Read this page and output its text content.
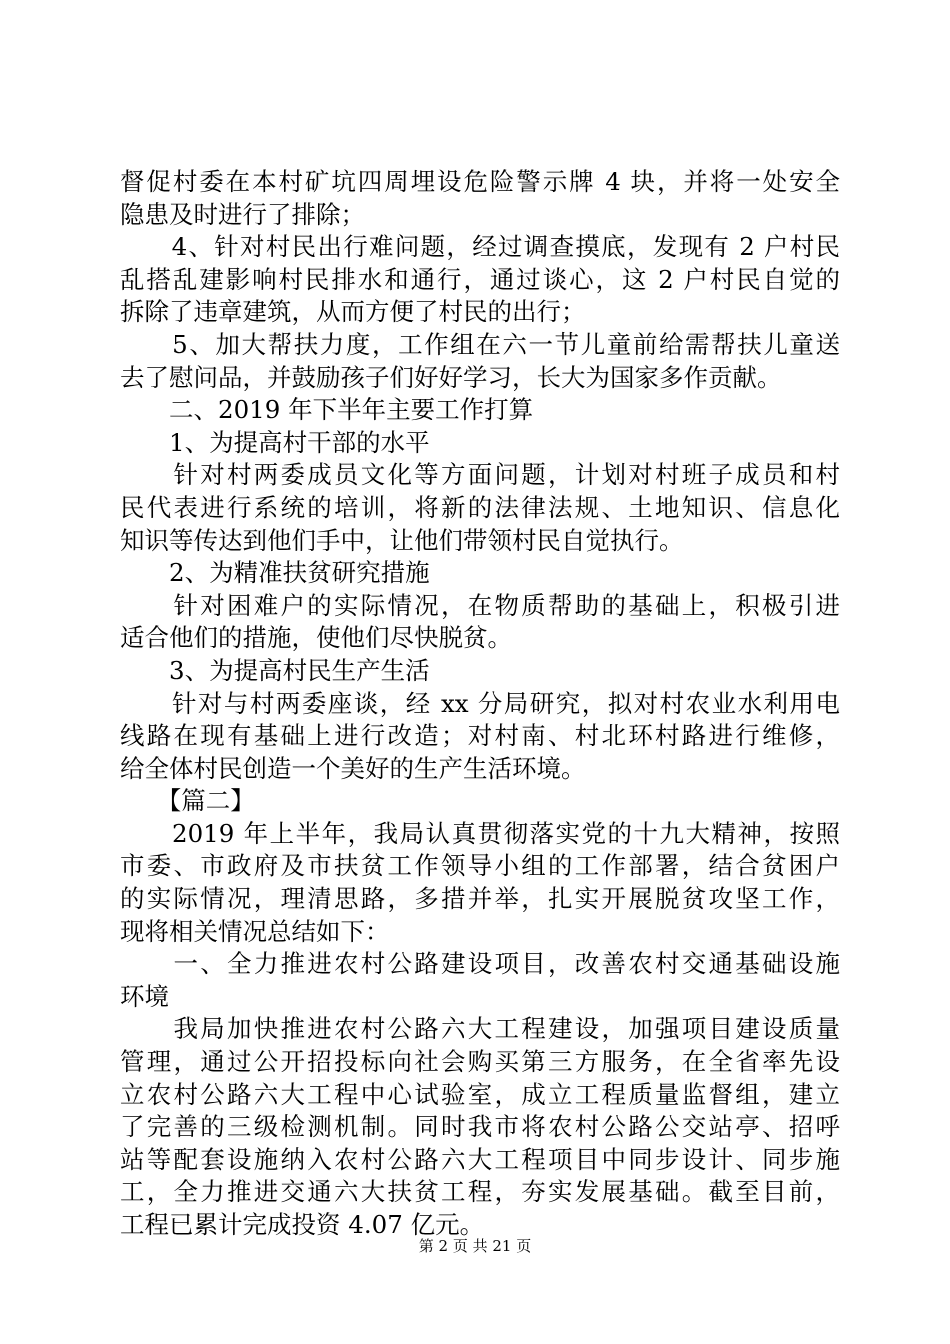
督促村委在本村矿坑四周埋设危险警示牌 4 块，并将一处安全
隐患及时进行了排除；
　　4、针对村民出行难问题，经过调查摸底，发现有 2 户村民
乱搭乱建影响村民排水和通行，通过谈心，这 2 户村民自觉的
拆除了违章建筑，从而方便了村民的出行；
　　5、加大帮扶力度，工作组在六一节儿童前给需帮扶儿童送
去了慰问品，并鼓励孩子们好好学习，长大为国家多作贡献。
　　二、2019 年下半年主要工作打算
　　1、为提高村干部的水平
　　针对村两委成员文化等方面问题，计划对村班子成员和村
民代表进行系统的培训，将新的法律法规、土地知识、信息化
知识等传达到他们手中，让他们带领村民自觉执行。
　　2、为精准扶贫研究措施
　　针对困难户的实际情况，在物质帮助的基础上，积极引进
适合他们的措施，使他们尽快脱贫。
　　3、为提高村民生产生活
　　针对与村两委座谈，经 xx 分局研究，拟对村农业水利用电
线路在现有基础上进行改造；对村南、村北环村路进行维修，
给全体村民创造一个美好的生产生活环境。
　　【篇二】
　　2019 年上半年，我局认真贯彻落实党的十九大精神，按照
市委、市政府及市扶贫工作领导小组的工作部署，结合贫困户
的实际情况，理清思路，多措并举，扎实开展脱贫攻坚工作，
现将相关情况总结如下：
　　一、全力推进农村公路建设项目，改善农村交通基础设施
环境
　　我局加快推进农村公路六大工程建设，加强项目建设质量
管理，通过公开招投标向社会购买第三方服务，在全省率先设
立农村公路六大工程中心试验室，成立工程质量监督组，建立
了完善的三级检测机制。同时我市将农村公路公交站亭、招呼
站等配套设施纳入农村公路六大工程项目中同步设计、同步施
工，全力推进交通六大扶贫工程，夯实发展基础。截至目前，
工程已累计完成投资 4.07 亿元。
第 2 页 共 21 页
